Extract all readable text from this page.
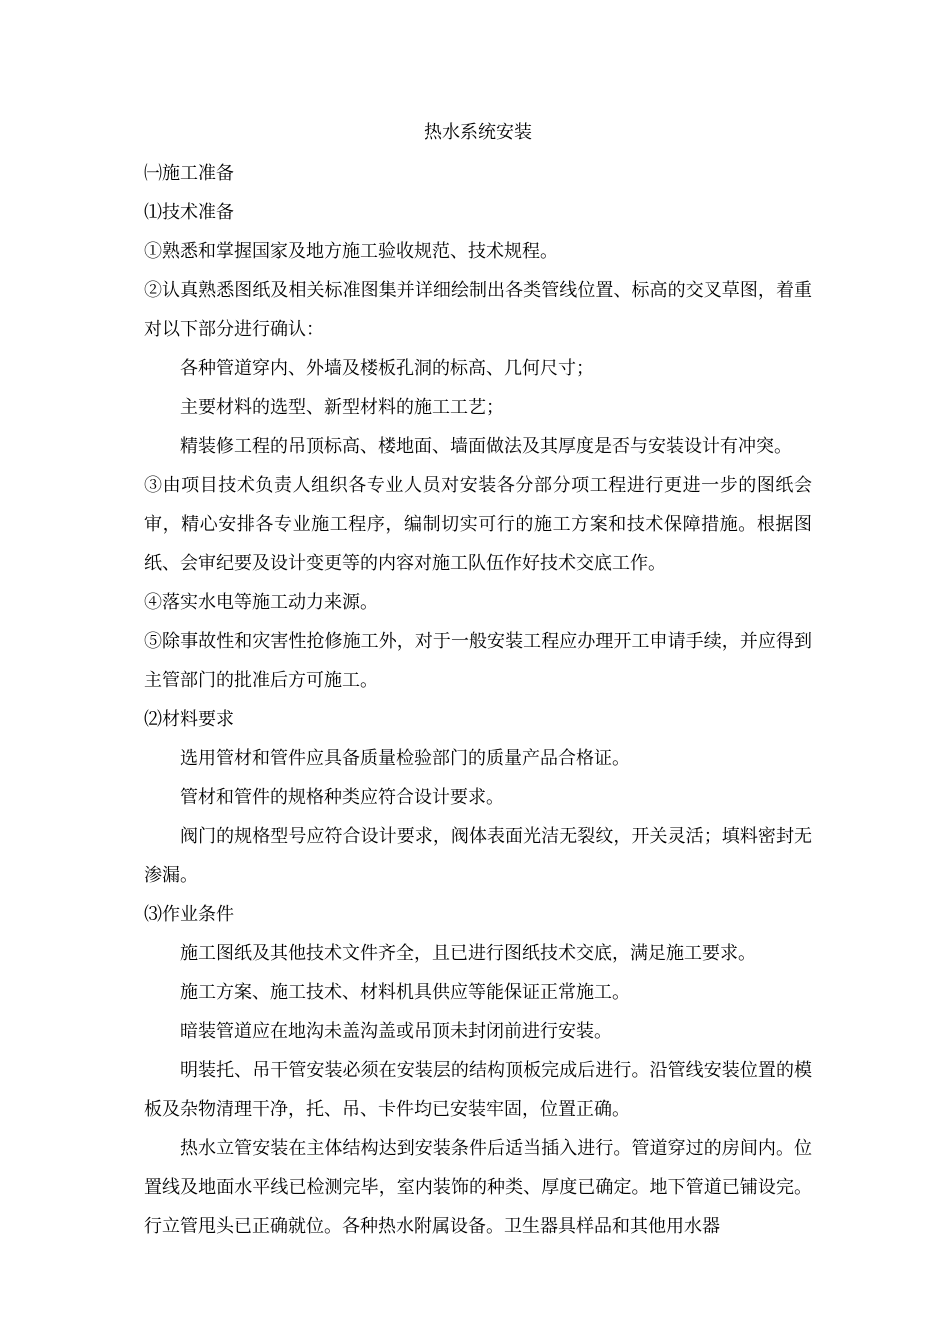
热水系统安装

㈠施工准备

⑴技术准备

①熟悉和掌握国家及地方施工验收规范、技术规程。

②认真熟悉图纸及相关标准图集并详细绘制出各类管线位置、标高的交叉草图，着重对以下部分进行确认：

各种管道穿内、外墙及楼板孔洞的标高、几何尺寸；

主要材料的选型、新型材料的施工工艺；

精装修工程的吊顶标高、楼地面、墙面做法及其厚度是否与安装设计有冲突。

③由项目技术负责人组织各专业人员对安装各分部分项工程进行更进一步的图纸会审，精心安排各专业施工程序，编制切实可行的施工方案和技术保障措施。根据图纸、会审纪要及设计变更等的内容对施工队伍作好技术交底工作。

④落实水电等施工动力来源。

⑤除事故性和灾害性抢修施工外，对于一般安装工程应办理开工申请手续，并应得到主管部门的批准后方可施工。

⑵材料要求

选用管材和管件应具备质量检验部门的质量产品合格证。

管材和管件的规格种类应符合设计要求。

阀门的规格型号应符合设计要求，阀体表面光洁无裂纹，开关灵活；填料密封无渗漏。

⑶作业条件

施工图纸及其他技术文件齐全，且已进行图纸技术交底，满足施工要求。

施工方案、施工技术、材料机具供应等能保证正常施工。

暗装管道应在地沟未盖沟盖或吊顶未封闭前进行安装。

明装托、吊干管安装必须在安装层的结构顶板完成后进行。沿管线安装位置的模板及杂物清理干净，托、吊、卡件均已安装牢固，位置正确。

热水立管安装在主体结构达到安装条件后适当插入进行。管道穿过的房间内。位置线及地面水平线已检测完毕，室内装饰的种类、厚度已确定。地下管道已铺设完。行立管甩头已正确就位。各种热水附属设备。卫生器具样品和其他用水器
